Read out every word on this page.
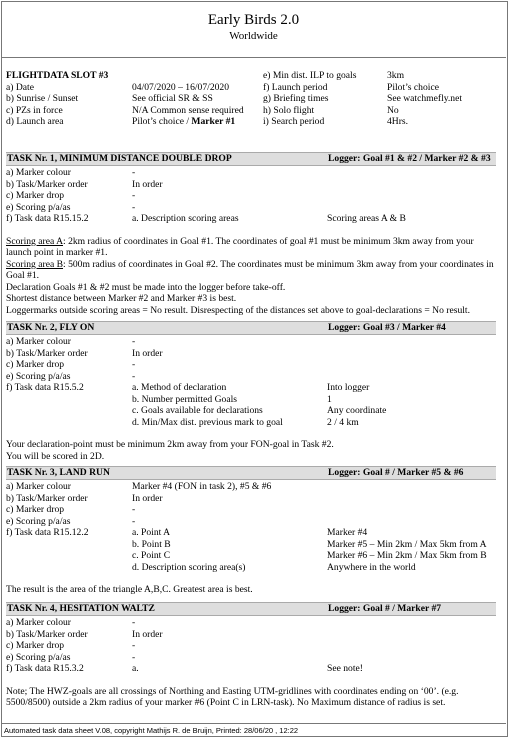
Early Birds 2.0
Worldwide
FLIGHTDATA SLOT #3	e) Min dist. ILP to goals	3km
a) Date	04/07/2020 – 16/07/2020	f) Launch period	Pilot’s choice
b) Sunrise / Sunset	See official SR & SS	g) Briefing times	See watchmefly.net
c) PZs in force	N/A Common sense required h) Solo flight	No
d) Launch area	Pilot’s choice / Marker #1	i) Search period	4Hrs.
TASK Nr. 1, MINIMUM DISTANCE DOUBLE DROP	Logger: Goal #1 & #2 / Marker #2 & #3
a) Marker colour	-
b) Task/Marker order	In order
c) Marker drop	-
e) Scoring p/a/as	-
f) Task data R15.15.2	a. Description scoring areas	Scoring areas A & B
Scoring area A: 2km radius of coordinates in Goal #1. The coordinates of goal #1 must be minimum 3km away from your launch point in marker #1.
Scoring area B: 500m radius of coordinates in Goal #2. The coordinates must be minimum 3km away from your coordinates in Goal #1.
Declaration Goals #1 & #2 must be made into the logger before take-off.
Shortest distance between Marker #2 and Marker #3 is best.
Loggermarks outside scoring areas = No result. Disrespecting of the distances set above to goal-declarations = No result.
TASK Nr. 2, FLY ON	Logger: Goal #3 / Marker #4
a) Marker colour	-
b) Task/Marker order	In order
c) Marker drop	-
e) Scoring p/a/as	-
f) Task data R15.5.2	a. Method of declaration	Into logger
b. Number permitted Goals	1
c. Goals available for declarations	Any coordinate
d. Min/Max dist. previous mark to goal	2 / 4 km
Your declaration-point must be minimum 2km away from your FON-goal in Task #2.
You will be scored in 2D.
TASK Nr. 3, LAND RUN	Logger: Goal # / Marker #5 & #6
a) Marker colour	Marker #4 (FON in task 2), #5 & #6
b) Task/Marker order	In order
c) Marker drop	-
e) Scoring p/a/as	-
f) Task data R15.12.2	a. Point A	Marker #4
b. Point B	Marker #5 – Min 2km / Max 5km from A
c. Point C	Marker #6 – Min 2km / Max 5km from B
d. Description scoring area(s)	Anywhere in the world
The result is the area of the triangle A,B,C. Greatest area is best.
TASK Nr. 4, HESITATION WALTZ	Logger: Goal # / Marker #7
a) Marker colour	-
b) Task/Marker order	In order
c) Marker drop	-
e) Scoring p/a/as	-
f) Task data R15.3.2	a.	See note!
Note; The HWZ-goals are all crossings of Northing and Easting UTM-gridlines with coordinates ending on ‘00’. (e.g. 5500/8500) outside a 2km radius of your marker #6 (Point C in LRN-task). No Maximum distance of radius is set.
Automated task data sheet V.08, copyright Mathijs R. de Bruijn, Printed: 28/06/20 , 12:22
